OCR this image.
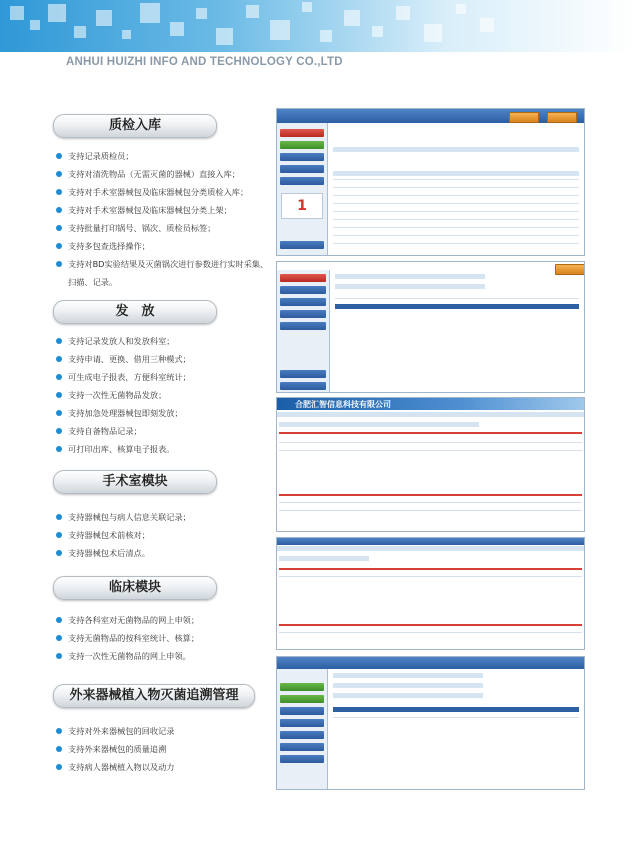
ANHUI HUIZHI INFO AND TECHNOLOGY CO.,LTD
质检入库
支持记录质检员；
支持对清洗物品（无需灭菌的器械）直接入库；
支持对手术室器械包及临床器械包分类质检入库；
支持对手术室器械包及临床器械包分类上架；
支持批量打印锅号、锅次、质检员标签；
支持多包查选择操作；
支持对BD实验结果及灭菌锅次进行参数进行实时采集、扫描、记录。
发　放
支持记录发放人和发放科室；
支持申请、更换、借用三种模式；
可生成电子报表，方便科室统计；
支持一次性无菌物品发放；
支持加急处理器械包即刻发放；
支持自备物品记录；
可打印出库、核算电子报表。
手术室模块
支持器械包与病人信息关联记录；
支持器械包术前核对；
支持器械包术后清点。
临床模块
支持各科室对无菌物品的网上申领；
支持无菌物品的按科室统计、核算；
支持一次性无菌物品的网上申领。
外来器械植入物灭菌追溯管理
支持对外来器械包的回收记录
支持外来器械包的质量追溯
支持病人器械植入物以及动力
1
合肥汇智信息科技有限公司
